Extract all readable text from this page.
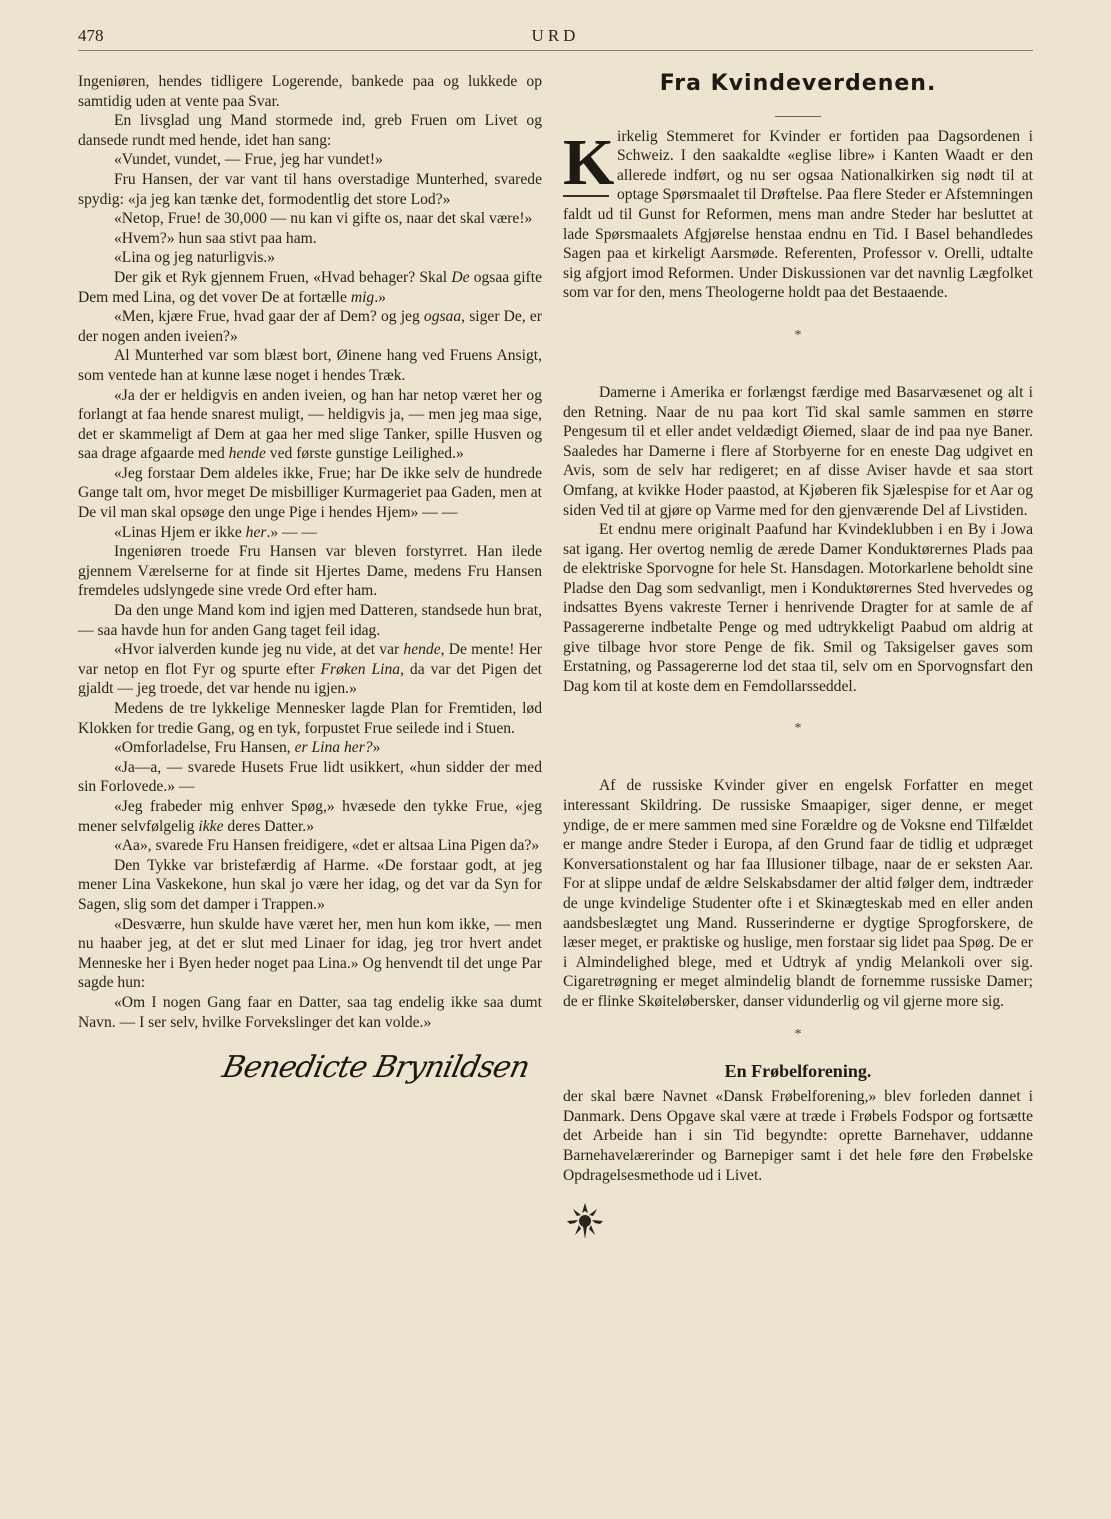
478	URD

Ingeniøren, hendes tidligere Logerende, bankede paa og lukkede op samtidig uden at vente paa Svar.

En livsglad ung Mand stormede ind, greb Fruen om Livet og dansede rundt med hende, idet han sang:

«Vundet, vundet, — Frue, jeg har vundet!»

Fru Hansen, der var vant til hans overstadige Munterhed, svarede spydig: «ja jeg kan tænke det, formodentlig det store Lod?»

«Netop, Frue! de 30,000 — nu kan vi gifte os, naar det skal være!»

«Hvem?» hun saa stivt paa ham.

«Lina og jeg naturligvis.»

Der gik et Ryk gjennem Fruen, «Hvad behager? Skal De ogsaa gifte Dem med Lina, og det vover De at fortælle mig.»

«Men, kjære Frue, hvad gaar der af Dem? og jeg ogsaa, siger De, er der nogen anden iveien?»

Al Munterhed var som blæst bort, Øinene hang ved Fruens Ansigt, som ventede han at kunne læse noget i hendes Træk.

«Ja der er heldigvis en anden iveien, og han har netop været her og forlangt at faa hende snarest muligt, — heldigvis ja, — men jeg maa sige, det er skammeligt af Dem at gaa her med slige Tanker, spille Husven og saa drage afgaarde med hende ved første gunstige Leilighed.»

«Jeg forstaar Dem aldeles ikke, Frue; har De ikke selv de hundrede Gange talt om, hvor meget De misbilliger Kurmageriet paa Gaden, men at De vil man skal opsøge den unge Pige i hendes Hjem» — —

«Linas Hjem er ikke her.» — —

Ingeniøren troede Fru Hansen var bleven forstyrret. Han ilede gjennem Værelserne for at finde sit Hjertes Dame, medens Fru Hansen fremdeles udslyngede sine vrede Ord efter ham.

Da den unge Mand kom ind igjen med Datteren, standsede hun brat, — saa havde hun for anden Gang taget feil idag.

«Hvor ialverden kunde jeg nu vide, at det var hende, De mente! Her var netop en flot Fyr og spurte efter Frøken Lina, da var det Pigen det gjaldt — jeg troede, det var hende nu igjen.»

Medens de tre lykkelige Mennesker lagde Plan for Fremtiden, lød Klokken for tredie Gang, og en tyk, forpustet Frue seilede ind i Stuen.

«Omforladelse, Fru Hansen, er Lina her?»

«Ja—a, — svarede Husets Frue lidt usikkert, «hun sidder der med sin Forlovede.» —

«Jeg frabeder mig enhver Spøg,» hvæsede den tykke Frue, «jeg mener selvfølgelig ikke deres Datter.»

«Aa», svarede Fru Hansen freidigere, «det er altsaa Lina Pigen da?»

Den Tykke var bristefærdig af Harme. «De forstaar godt, at jeg mener Lina Vaskekone, hun skal jo være her idag, og det var da Syn for Sagen, slig som det damper i Trappen.»

«Desværre, hun skulde have været her, men hun kom ikke, — men nu haaber jeg, at det er slut med Linaer for idag, jeg tror hvert andet Menneske her i Byen heder noget paa Lina.» Og henvendt til det unge Par sagde hun:

«Om I nogen Gang faar en Datter, saa tag endelig ikke saa dumt Navn. — I ser selv, hvilke Forvekslinger det kan volde.»

Benedicte Brynildsen
Fra Kvindeverdenen.

K irkelig Stemmeret for Kvinder er fortiden paa Dagsordenen i Schweiz. I den saakaldte «eglise libre» i Kanten Waadt er den allerede indført, og nu ser ogsaa Nationalkirken sig nødt til at optage Spørsmaalet til Drøftelse. Paa flere Steder er Afstemningen faldt ud til Gunst for Reformen, mens man andre Steder har besluttet at lade Spørsmaalets Afgjørelse henstaa endnu en Tid. I Basel behandledes Sagen paa et kirkeligt Aarsmøde. Referenten, Professor v. Orelli, udtalte sig afgjort imod Reformen. Under Diskussionen var det navnlig Lægfolket som var for den, mens Theologerne holdt paa det Bestaaende.

*

Damerne i Amerika er forlængst færdige med Basarvæsenet og alt i den Retning. Naar de nu paa kort Tid skal samle sammen en større Pengesum til et eller andet veldædigt Øiemed, slaar de ind paa nye Baner. Saaledes har Damerne i flere af Storbyerne for en eneste Dag udgivet en Avis, som de selv har redigeret; en af disse Aviser havde et saa stort Omfang, at kvikke Hoder paastod, at Kjøberen fik Sjælespise for et Aar og siden Ved til at gjøre op Varme med for den gjenværende Del af Livstiden.

Et endnu mere originalt Paafund har Kvindeklubben i en By i Jowa sat igang. Her overtog nemlig de ærede Damer Konduktørernes Plads paa de elektriske Sporvogne for hele St. Hansdagen. Motorkarlene beholdt sine Pladse den Dag som sedvanligt, men i Konduktørernes Sted hvervedes og indsattes Byens vakreste Terner i henrivende Dragter for at samle de af Passagererne indbetalte Penge og med udtrykkeligt Paabud om aldrig at give tilbage hvor store Penge de fik. Smil og Taksigelser gaves som Erstatning, og Passagererne lod det staa til, selv om en Sporvognsfart den Dag kom til at koste dem en Femdollarsseddel.

*

Af de russiske Kvinder giver en engelsk Forfatter en meget interessant Skildring. De russiske Smaapiger, siger denne, er meget yndige, de er mere sammen med sine Forældre og de Voksne end Tilfældet er mange andre Steder i Europa, af den Grund faar de tidlig et udpræget Konversationstalent og har faa Illusioner tilbage, naar de er seksten Aar. For at slippe undaf de ældre Selskabsdamer der altid følger dem, indtræder de unge kvindelige Studenter ofte i et Skinægteskab med en eller anden aandsbeslægtet ung Mand. Russerinderne er dygtige Sprogforskere, de læser meget, er praktiske og huslige, men forstaar sig lidet paa Spøg. De er i Almindelighed blege, med et Udtryk af yndig Melankoli over sig. Cigaretrøgning er meget almindelig blandt de fornemme russiske Damer; de er flinke Skøiteløbersker, danser vidunderlig og vil gjerne more sig.

*
En Frøbelforening.

der skal bære Navnet «Dansk Frøbelforening,» blev forleden dannet i Danmark. Dens Opgave skal være at træde i Frøbels Fodspor og fortsætte det Arbeide han i sin Tid begyndte: oprette Barnehaver, uddanne Barnehavelærerinder og Barnepiger samt i det hele føre den Frøbelske Opdragelsesmethode ud i Livet.
